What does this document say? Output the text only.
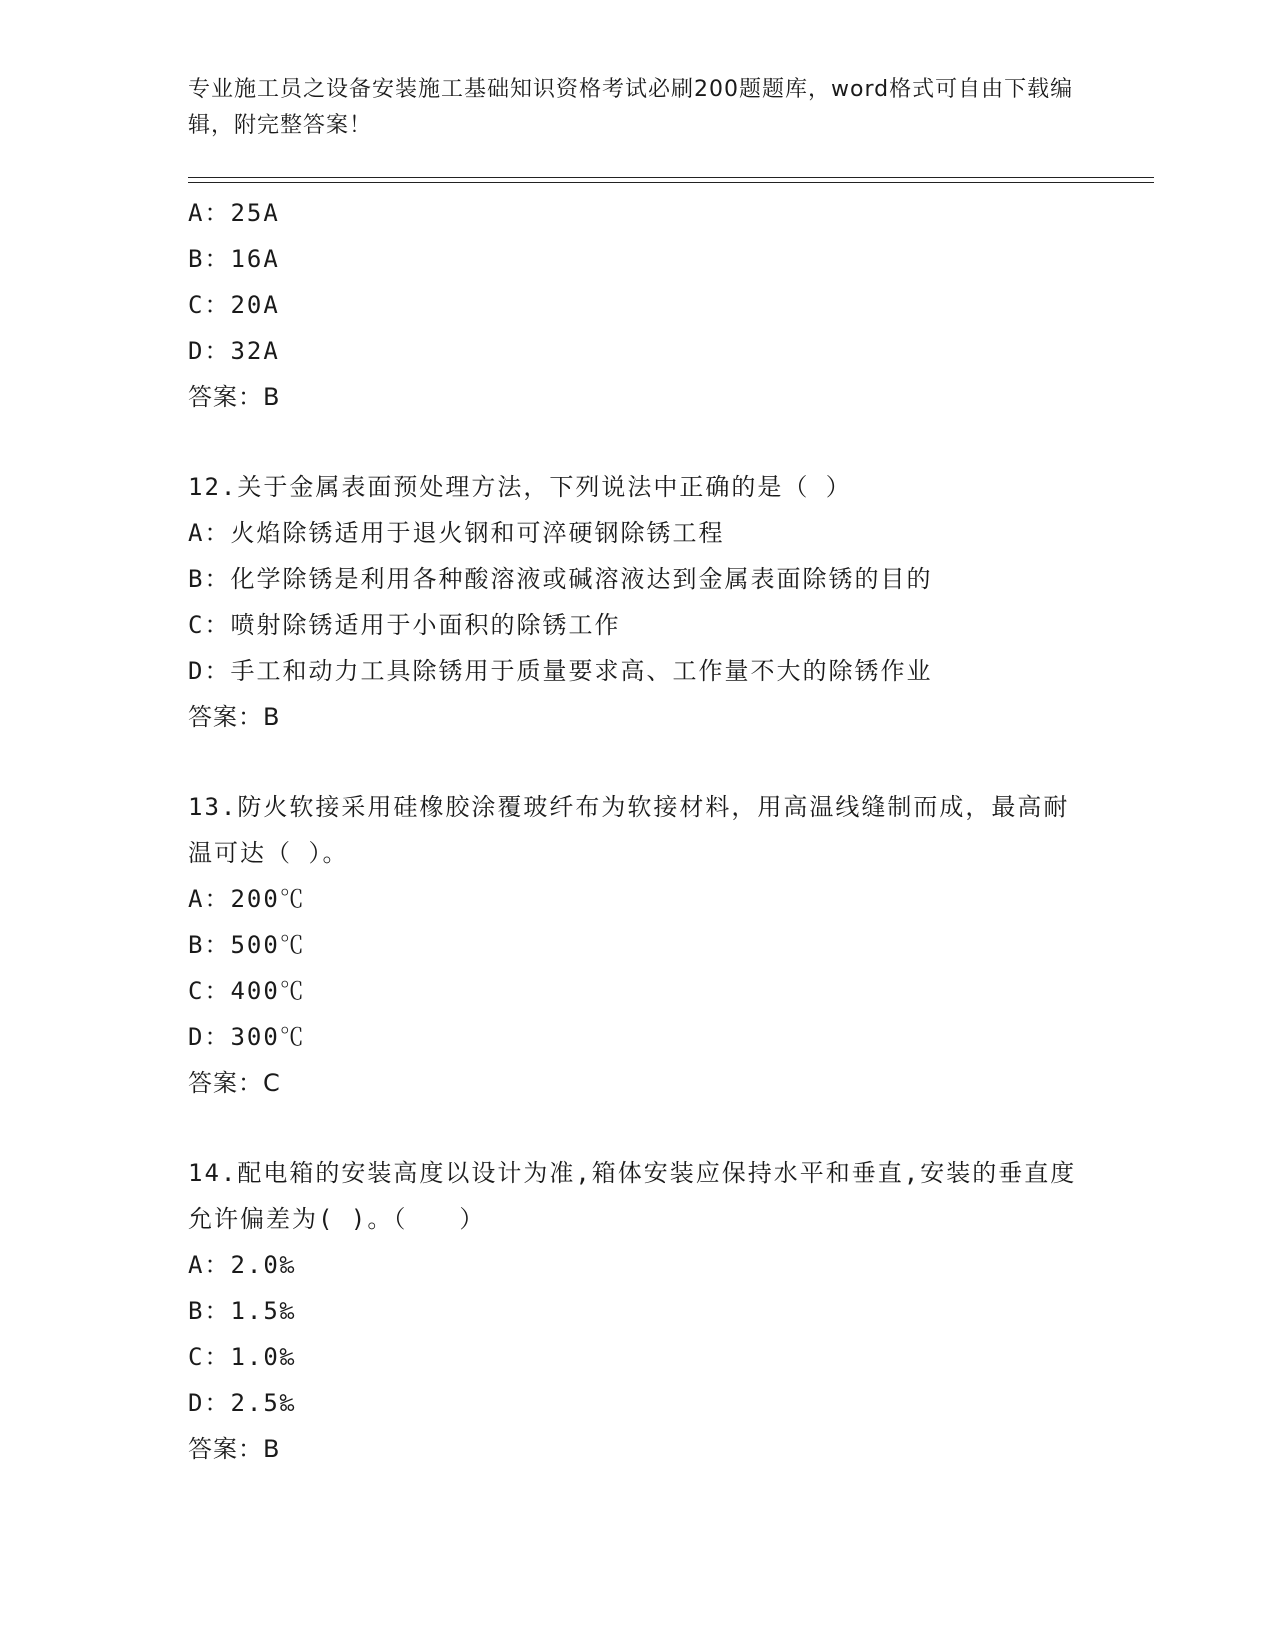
专业施工员之设备安装施工基础知识资格考试必刷200题题库，word格式可自由下载编辑，附完整答案！
A：25A
B：16A
C：20A
D：32A
答案：B
12.关于金属表面预处理方法，下列说法中正确的是（ ）
A：火焰除锈适用于退火钢和可淬硬钢除锈工程
B：化学除锈是利用各种酸溶液或碱溶液达到金属表面除锈的目的
C：喷射除锈适用于小面积的除锈工作
D：手工和动力工具除锈用于质量要求高、工作量不大的除锈作业
答案：B
13.防火软接采用硅橡胶涂覆玻纤布为软接材料，用高温线缝制而成，最高耐温可达（ ）。
A：200℃
B：500℃
C：400℃
D：300℃
答案：C
14.配电箱的安装高度以设计为准,箱体安装应保持水平和垂直,安装的垂直度允许偏差为( )。（　　）
A：2.0‰
B：1.5‰
C：1.0‰
D：2.5‰
答案：B
